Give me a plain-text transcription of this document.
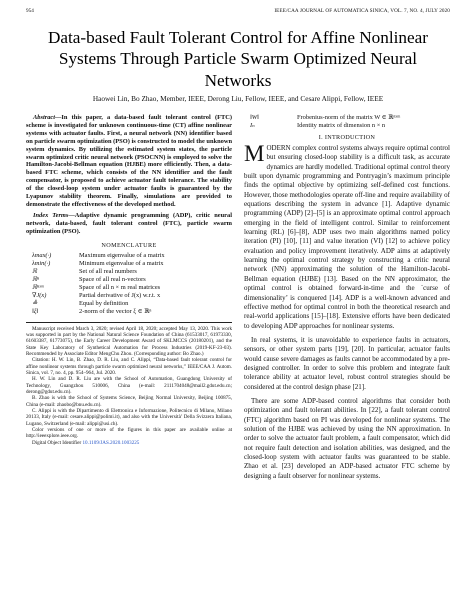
954	IEEE/CAA JOURNAL OF AUTOMATICA SINICA, VOL. 7, NO. 4, JULY 2020
Data-based Fault Tolerant Control for Affine Nonlinear Systems Through Particle Swarm Optimized Neural Networks
Haowei Lin, Bo Zhao, Member, IEEE, Derong Liu, Fellow, IEEE, and Cesare Alippi, Fellow, IEEE

Abstract—In this paper, a data-based fault tolerant control (FTC) scheme is investigated for unknown continuous-time (CT) affine nonlinear systems with actuator faults. First, a neural network (NN) identifier based on particle swarm optimization (PSO) is constructed to model the unknown system dynamics. By utilizing the estimated system states, the particle swarm optimized critic neural network (PSOCNN) is employed to solve the Hamilton-Jacobi-Bellman equation (HJBE) more efficiently. Then, a data-based FTC scheme, which consists of the NN identifier and the fault compensator, is proposed to achieve actuator fault tolerance. The stability of the closed-loop system under actuator faults is guaranteed by the Lyapunov stability theorem. Finally, simulations are provided to demonstrate the effectiveness of the developed method.

Index Terms—Adaptive dynamic programming (ADP), critic neural network, data-based, fault tolerant control (FTC), particle swarm optimization (PSO).

NOMENCLATURE
λmax(·)	Maximum eigenvalue of a matrix
λmin(·)	Minimum eigenvalue of a matrix
ℝ	Set of all real numbers
ℝⁿ	Space of all real n-vectors
ℝⁿˣᵐ	Space of all n × m real matrices
∇J(x)	Partial derivative of J(x) w.r.t. x
≜	Equal by definition
‖ξ‖	2-norm of the vector ξ ∈ ℝⁿ

Manuscript received March 3, 2020; revised April 18, 2020; accepted May 13, 2020. This work was supported in part by the National Natural Science Foundation of China (61533017, 61973330, 61603387, 61773075), the Early Career Development Award of SKLMCCS (20180201), and the State Key Laboratory of Synthetical Automation for Process Industries (2019-KF-23-03). Recommended by Associate Editor MengChu Zhou. (Corresponding author: Bo Zhao.)

Citation: H. W. Lin, B. Zhao, D. R. Liu, and C. Alippi, “Data-based fault tolerant control for affine nonlinear systems through particle swarm optimized neural networks,” IEEE/CAA J. Autom. Sinica, vol. 7, no. 4, pp. 954–964, Jul. 2020.

H. W. Lin and D. R. Liu are with the School of Automation, Guangdong University of Technology, Guangzhou 510006, China (e-mail: 2111704048@mail2.gdut.edu.cn; derong@gdut.edu.cn).

B. Zhao is with the School of Systems Science, Beijing Normal University, Beijing 100875, China (e-mail: zhaobo@bnu.edu.cn).

C. Alippi is with the Dipartimento di Elettronica e Informazione, Politecnico di Milano, Milano 20133, Italy (e-mail: cesare.alippi@polimi.it), and also with the Università’ Della Svizzera Italiana, Lugano, Switzerland (e-mail: alippi@usi.ch).

Color versions of one or more of the figures in this paper are available online at http://ieeexplore.ieee.org.

Digital Object Identifier 10.1109/JAS.2020.1003225

‖W‖	Frobenius-norm of the matrix W ∈ ℝⁿˣᵐ
Iₙ	Identity matrix of dimension n × n
I. INTRODUCTION

MODERN complex control systems always require optimal control but ensuring closed-loop stability is a difficult task, as accurate dynamics are hardly modelled. Traditional optimal control theory built upon dynamic programming and Pontryagin’s maximum principle finds the optimal objective by optimizing self-defined cost functions. However, those methodologies operate off-line and require availability of equations describing the system in advance [1]. Adaptive dynamic programming (ADP) [2]–[5] is an approximate optimal control approach emerging in the field of intelligent control. Similar to reinforcement learning (RL) [6]–[8], ADP uses two main algorithms named policy iteration (PI) [10], [11] and value iteration (VI) [12] to achieve policy evaluation and policy improvement iteratively. ADP aims at adaptively learning the optimal control strategy by constructing a critic neural network (NN) approximating the solution of the Hamilton-Jacobi-Bellman equation (HJBE) [13]. Based on the NN approximator, the optimal control is obtained forward-in-time and the `curse of dimensionality’ is conquered [14]. ADP is a well-known advanced and effective method for optimal control in both the theoretical research and real-world applications [15]–[18]. Extensive efforts have been dedicated to developing ADP approaches for nonlinear systems.

In real systems, it is unavoidable to experience faults in actuators, sensors, or other system parts [19], [20]. In particular, actuator faults would cause severe damages as faults cannot be accommodated by a pre-designed controller. In order to solve this problem and integrate fault tolerance ability at actuator level, robust control strategies should be considered at the control design phase [21].

There are some ADP-based control algorithms that consider both optimization and fault tolerant abilities. In [22], a fault tolerant control (FTC) algorithm based on PI was developed for nonlinear systems. The solution of the HJBE was achieved by using the NN approximation. In order to solve the actuator fault problem, a fault compensator, which did not require fault detection and isolation abilities, was designed, and the closed-loop system with actuator faults was guaranteed to be stable. Zhao et al. [23] developed an ADP-based actuator FTC scheme by designing a fault observer for nonlinear systems.
